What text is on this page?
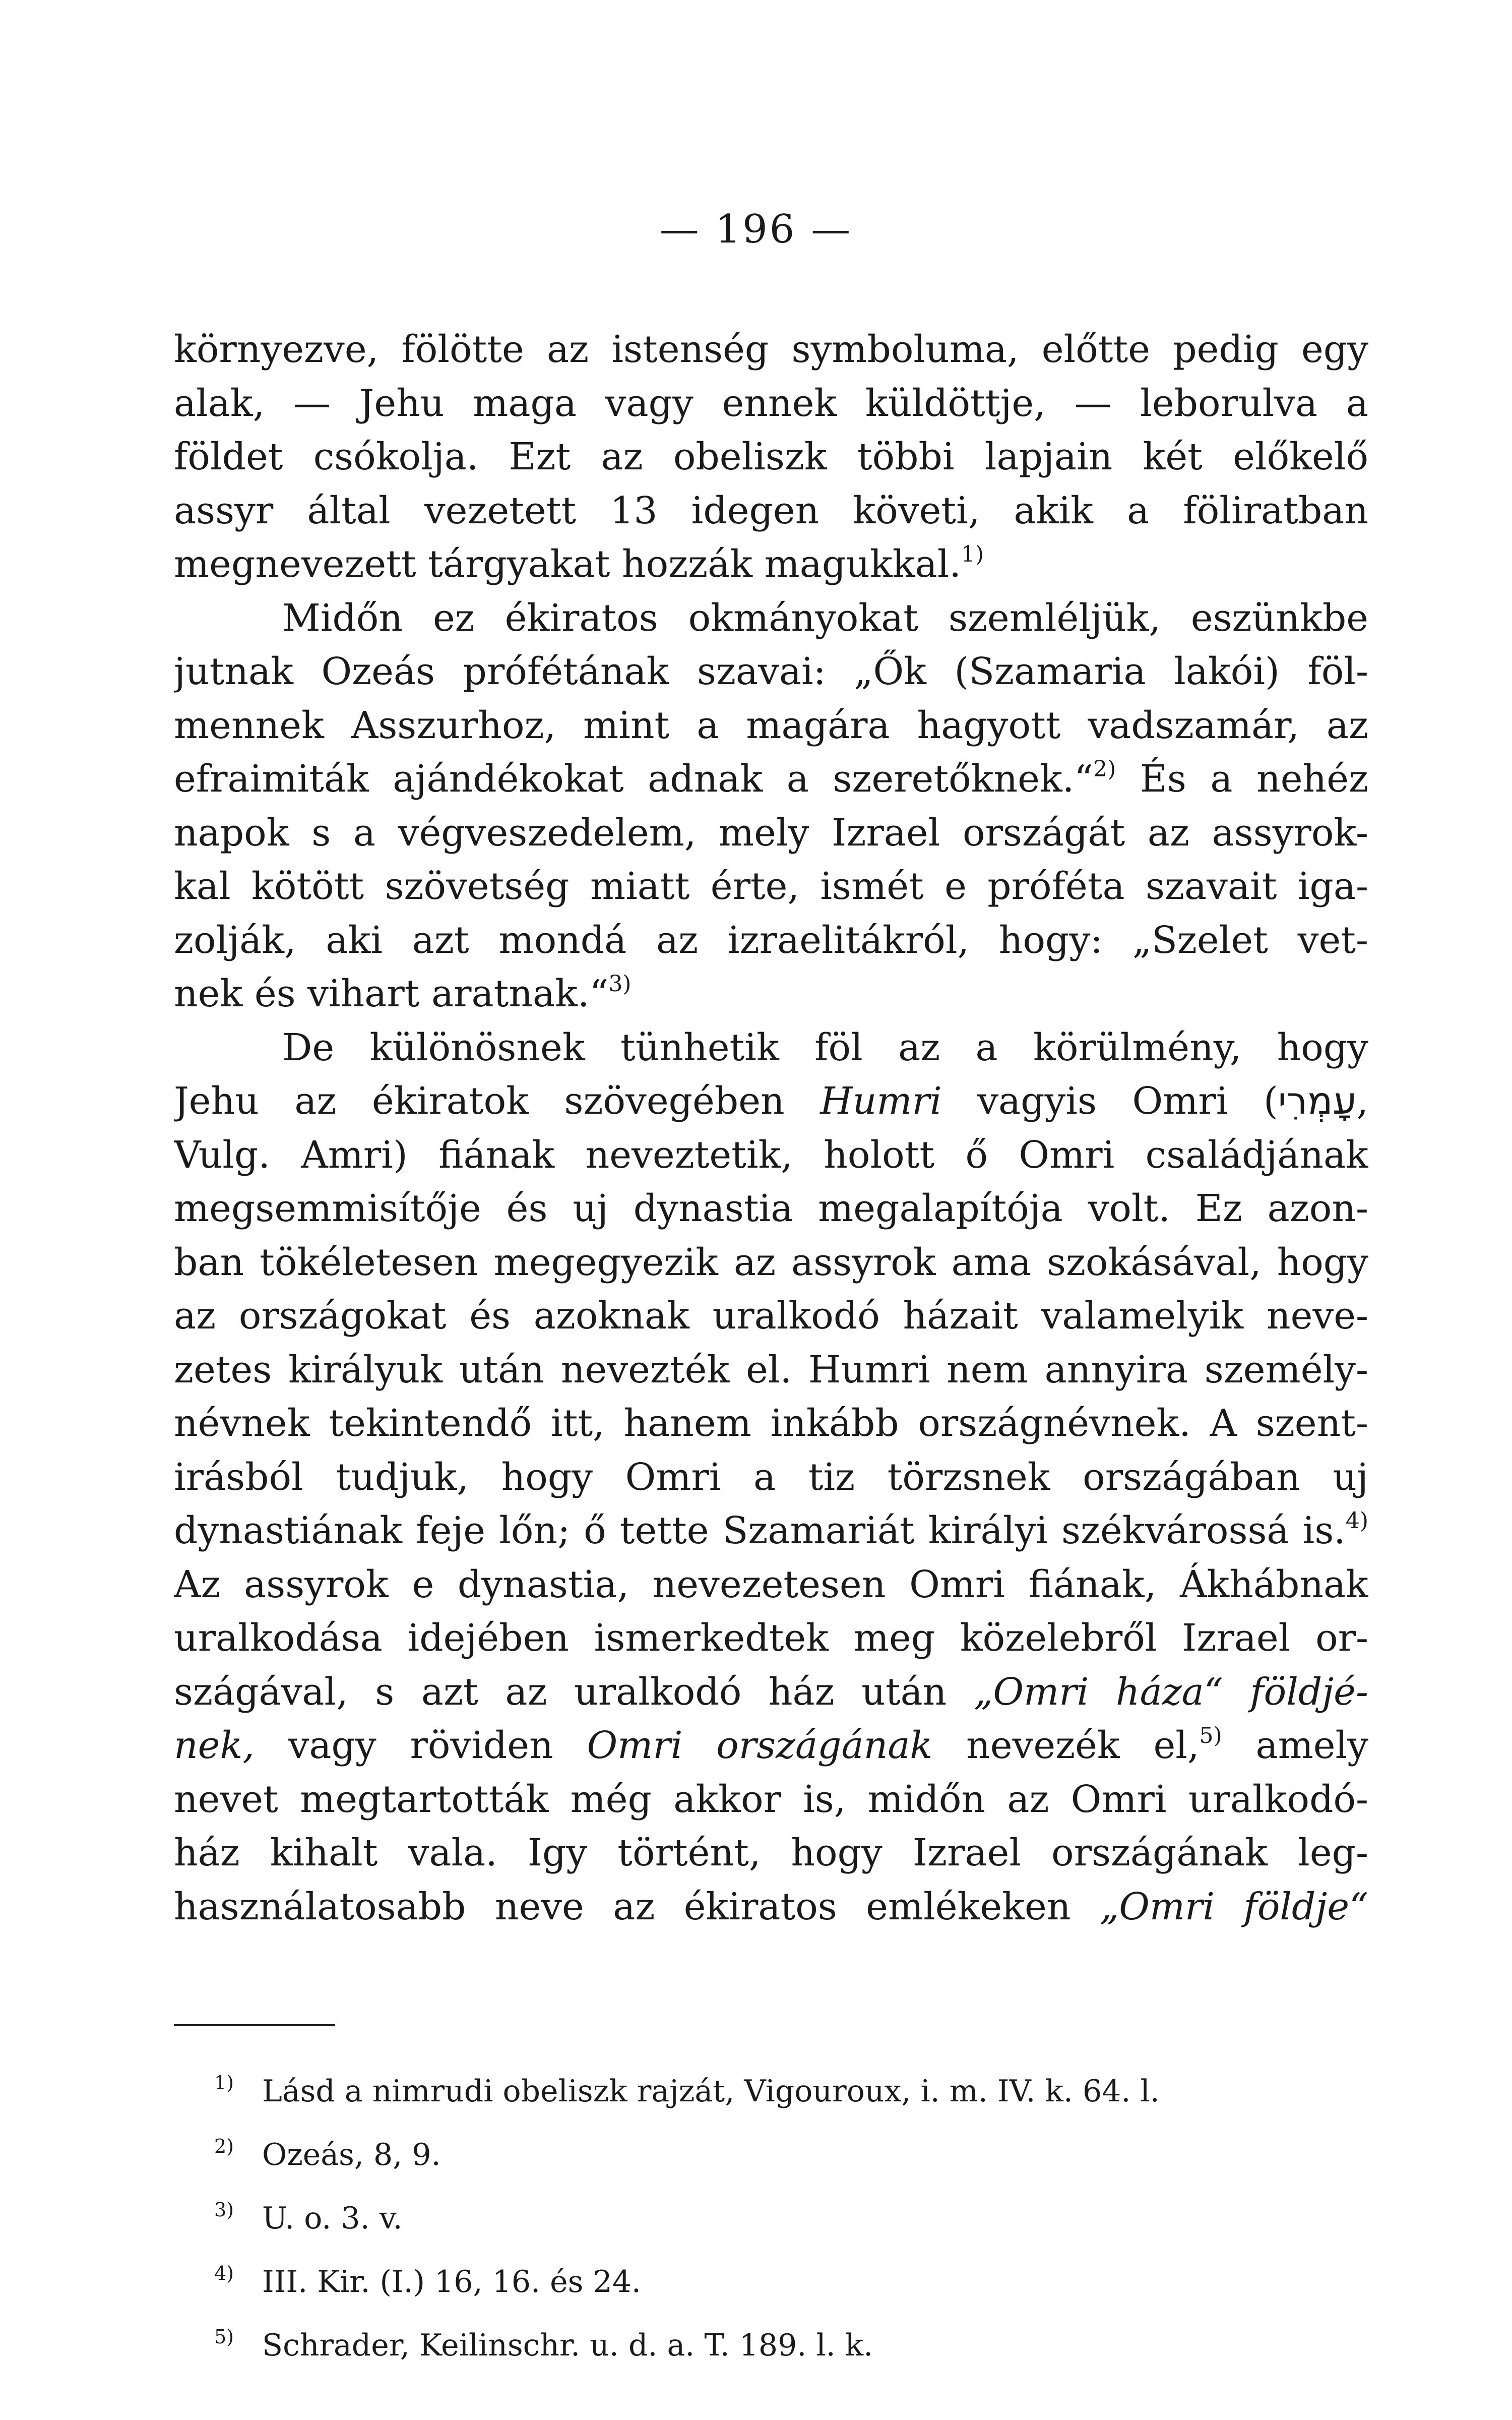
— 196 —
környezve, fölötte az istenség symboluma, előtte pedig egy
alak, — Jehu maga vagy ennek küldöttje, — leborulva a
földet csókolja. Ezt az obeliszk többi lapjain két előkelő
assyr által vezetett 13 idegen követi, akik a föliratban
megnevezett tárgyakat hozzák magukkal.$^{1)}$
Midőn ez ékiratos okmányokat szemléljük, eszünkbe
jutnak Ozeás prófétának szavai: „Ők (Szamaria lakói) föl-
mennek Asszurhoz, mint a magára hagyott vadszamár, az
efraimiták ajándékokat adnak a szeretőknek.“$^{2)}$ És a nehéz
napok s a végveszedelem, mely Izrael országát az assyrok-
kal kötött szövetség miatt érte, ismét e próféta szavait iga-
zolják, aki azt mondá az izraelitákról, hogy: „Szelet vet-
nek és vihart aratnak.“$^{3)}$
De különösnek tünhetik föl az a körülmény, hogy
Jehu az ékiratok szövegében Humri vagyis Omri (עָמְרִי,
Vulg. Amri) fiának neveztetik, holott ő Omri családjának
megsemmisítője és uj dynastia megalapítója volt. Ez azon-
ban tökéletesen megegyezik az assyrok ama szokásával, hogy
az országokat és azoknak uralkodó házait valamelyik neve-
zetes királyuk után nevezték el. Humri nem annyira személy-
névnek tekintendő itt, hanem inkább országnévnek. A szent-
irásból tudjuk, hogy Omri a tiz törzsnek országában uj
dynastiának feje lőn; ő tette Szamariát királyi székvárossá is.$^{4)}$
Az assyrok e dynastia, nevezetesen Omri fiának, Ákhábnak
uralkodása idejében ismerkedtek meg közelebről Izrael or-
szágával, s azt az uralkodó ház után „Omri háza“ földjé-
nek, vagy röviden Omri országának nevezék el,$^{5)}$ amely
nevet megtartották még akkor is, midőn az Omri uralkodó-
ház kihalt vala. Igy történt, hogy Izrael országának leg-
használatosabb neve az ékiratos emlékeken „Omri földje“
$^{1)}$ Lásd a nimrudi obeliszk rajzát, Vigouroux, i. m. IV. k. 64. l.
$^{2)}$ Ozeás, 8, 9.
$^{3)}$ U. o. 3. v.
$^{4)}$ III. Kir. (I.) 16, 16. és 24.
$^{5)}$ Schrader, Keilinschr. u. d. a. T. 189. l. k.
